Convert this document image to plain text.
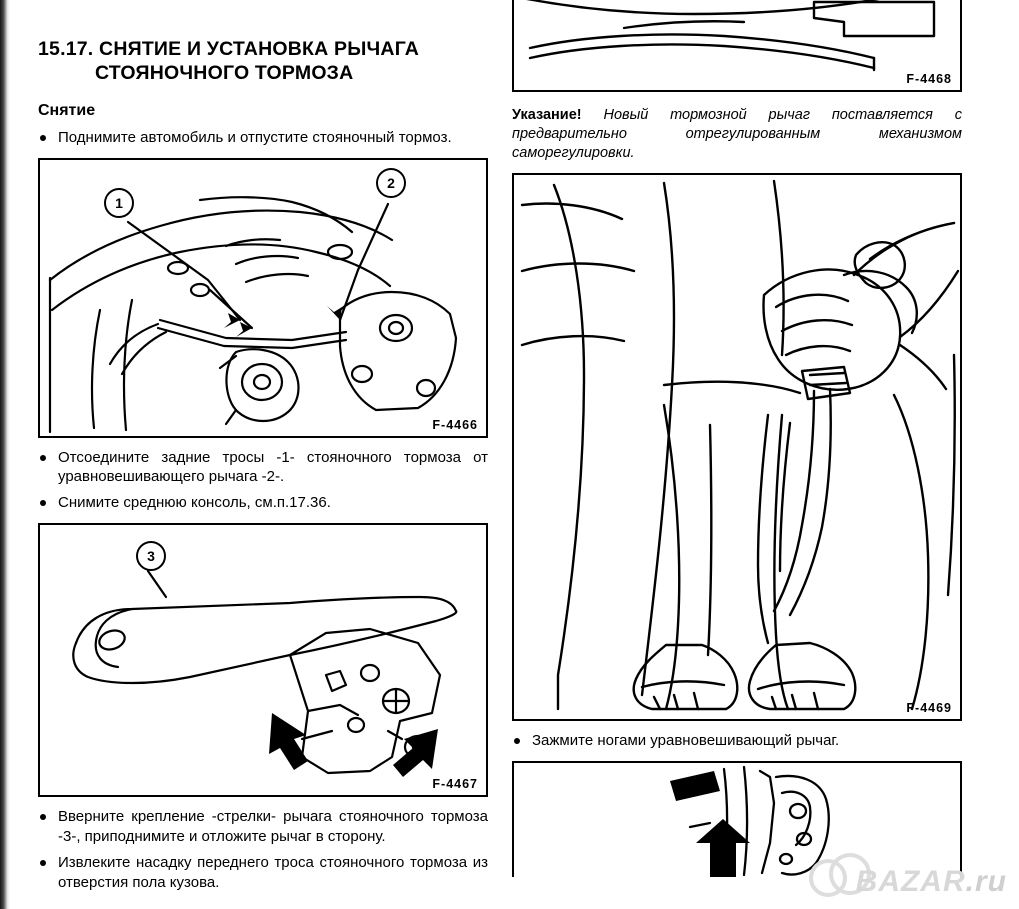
15.17. СНЯТИЕ И УСТАНОВКА РЫЧАГА
СТОЯНОЧНОГО ТОРМОЗА
Снятие
Поднимите автомобиль и отпустите стояночный тормоз.
1
2
F-4466
Отсоедините задние тросы -1- стояночного тормоза от уравновешивающего рычага -2-.
Снимите среднюю консоль, см.п.17.36.
3
F-4467
Вверните крепление -стрелки- рычага стояночного тормоза -3-, приподнимите и отложите рычаг в сторону.
Извлеките насадку переднего троса стояночного тормоза из отверстия пола кузова.
F-4468

Указание! Новый тормозной рычаг поставляется с предварительно отрегулированным механизмом саморегулировки.

F-4469
Зажмите ногами уравновешивающий рычаг.
BAZAR.ru
